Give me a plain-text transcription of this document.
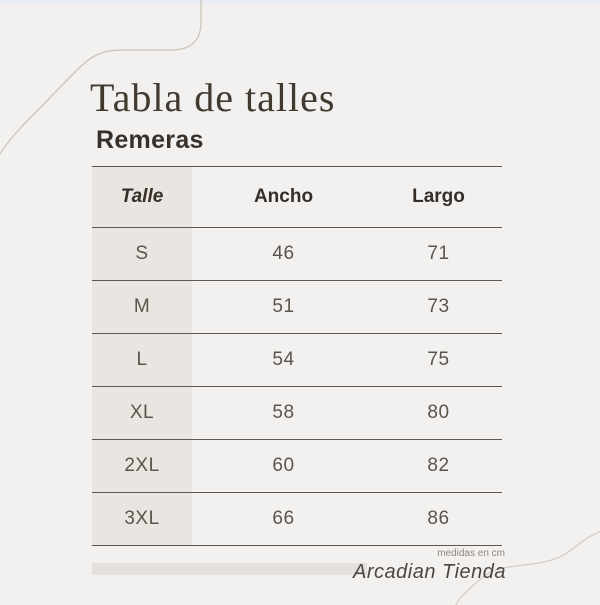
Tabla de talles
Remeras
Talle	Ancho	Largo
S	46	71
M	51	73
L	54	75
XL	58	80
2XL	60	82
3XL	66	86
medidas en cm
Arcadian Tienda
